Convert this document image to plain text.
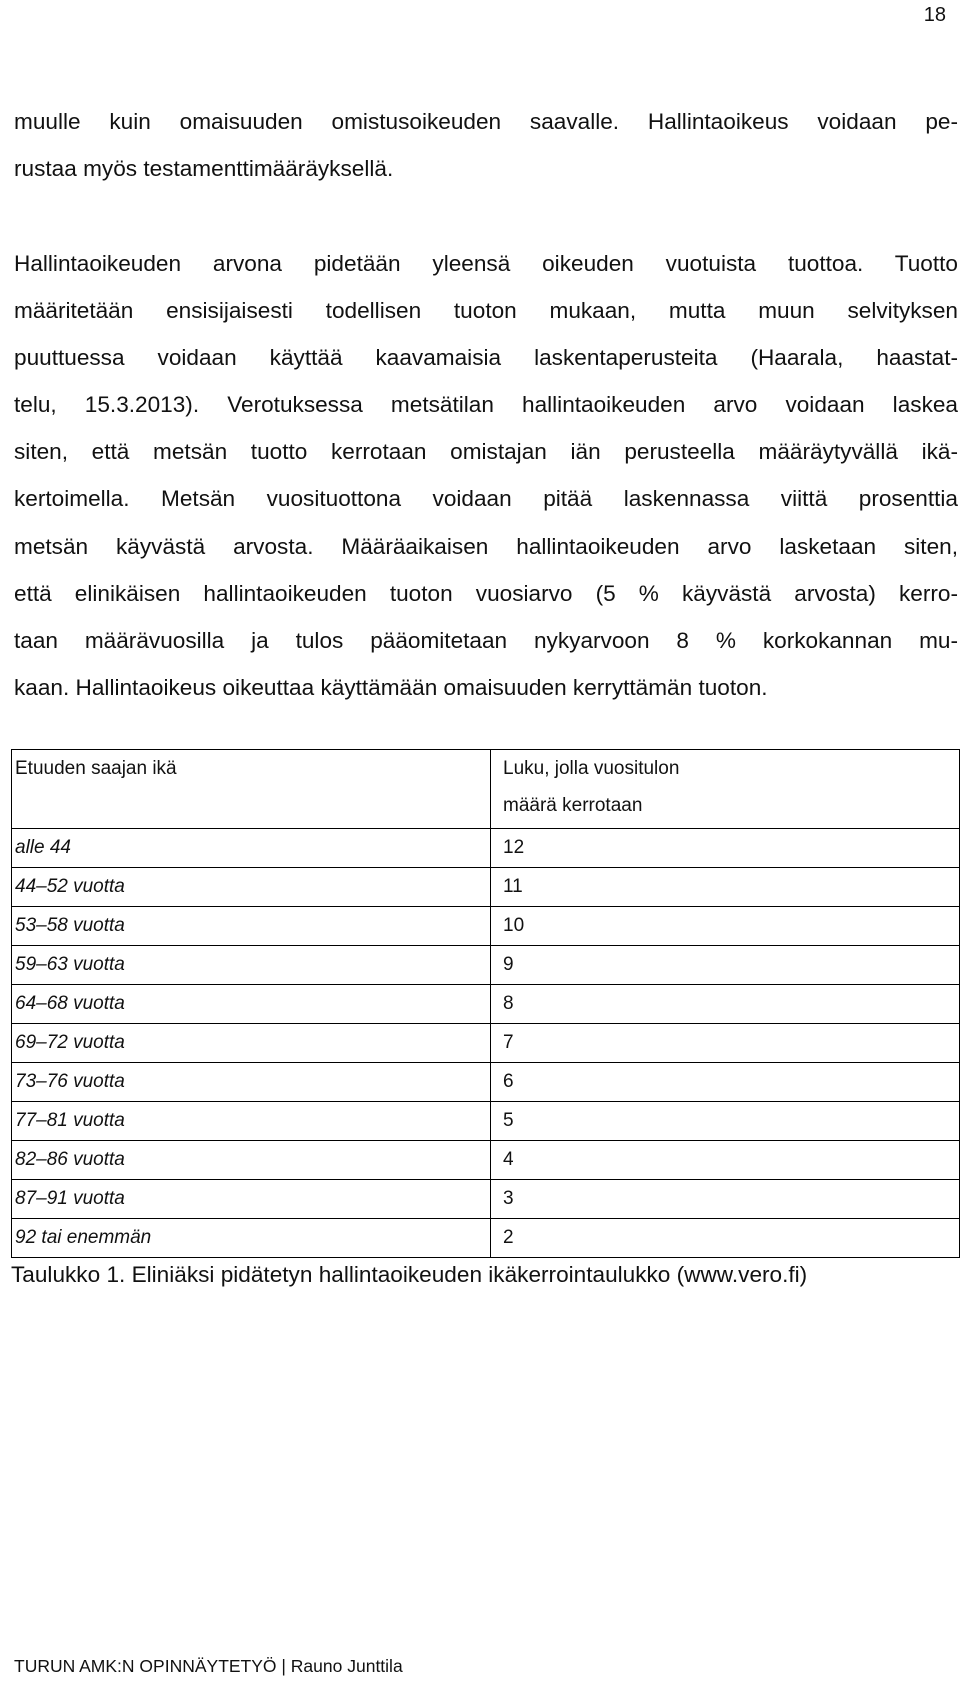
18
muulle kuin omaisuuden omistusoikeuden saavalle. Hallintaoikeus voidaan pe-
rustaa myös testamenttimääräyksellä.
Hallintaoikeuden arvona pidetään yleensä oikeuden vuotuista tuottoa. Tuotto
määritetään ensisijaisesti todellisen tuoton mukaan, mutta muun selvityksen
puuttuessa voidaan käyttää kaavamaisia laskentaperusteita (Haarala, haastat-
telu, 15.3.2013). Verotuksessa metsätilan hallintaoikeuden arvo voidaan laskea
siten, että metsän tuotto kerrotaan omistajan iän perusteella määräytyvällä ikä-
kertoimella. Metsän vuosituottona voidaan pitää laskennassa viittä prosenttia
metsän käyvästä arvosta. Määräaikaisen hallintaoikeuden arvo lasketaan siten,
että elinikäisen hallintaoikeuden tuoton vuosiarvo (5 % käyvästä arvosta) kerro-
taan määrävuosilla ja tulos pääomitetaan nykyarvoon 8 % korkokannan mu-
kaan. Hallintaoikeus oikeuttaa käyttämään omaisuuden kerryttämän tuoton.
Etuuden saajan ikä	Luku, jolla vuositulon
määrä kerrotaan

alle 44	12
44–52 vuotta	11
53–58 vuotta	10
59–63 vuotta	9
64–68 vuotta	8
69–72 vuotta	7
73–76 vuotta	6
77–81 vuotta	5
82–86 vuotta	4
87–91 vuotta	3
92 tai enemmän	2
Taulukko 1. Eliniäksi pidätetyn hallintaoikeuden ikäkerrointaulukko (www.vero.fi)
TURUN AMK:N OPINNÄYTETYÖ | Rauno Junttila
